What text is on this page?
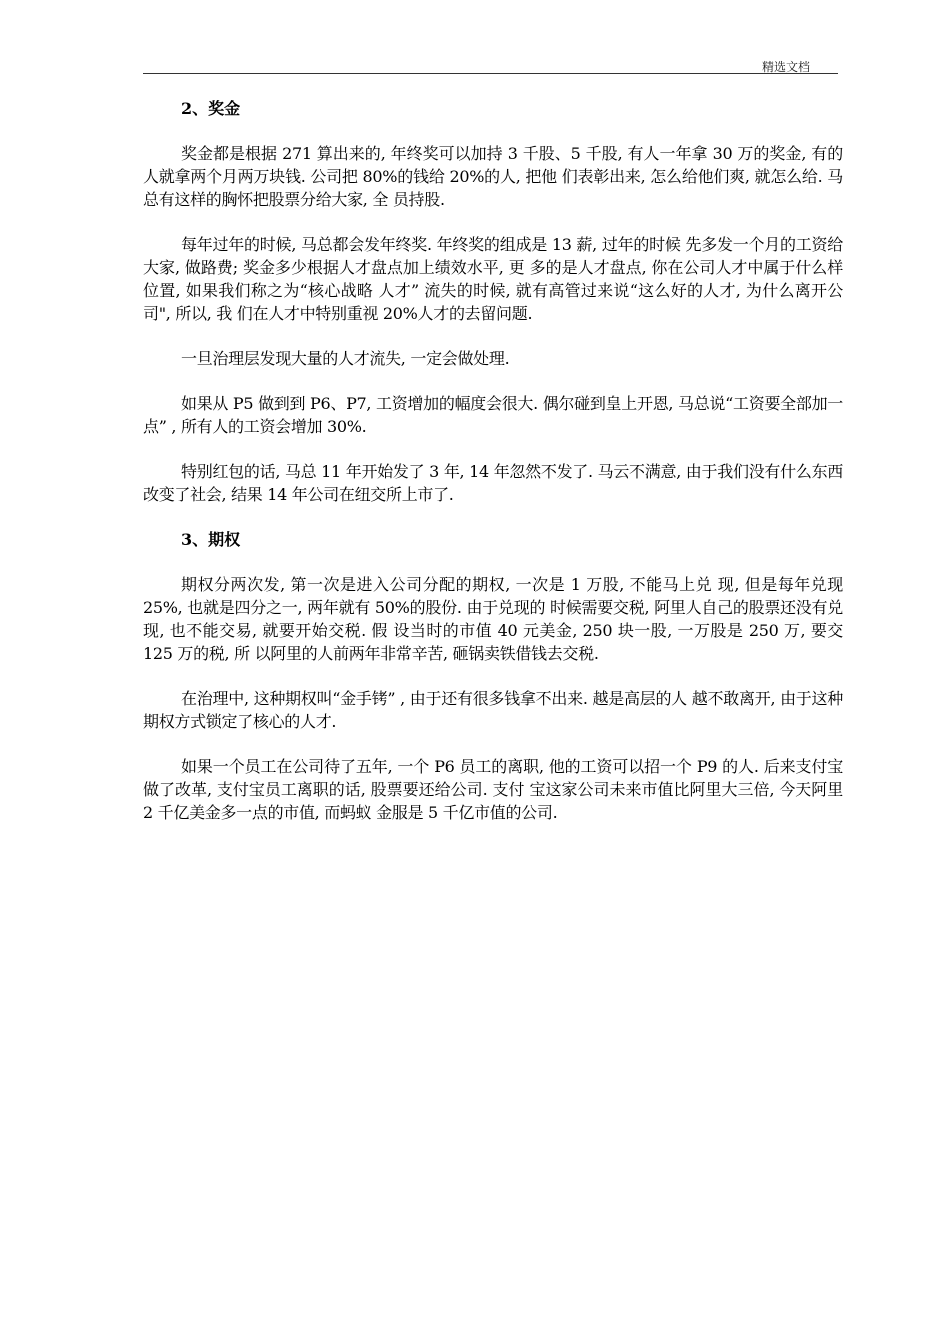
精选文档
2、奖金

奖金都是根据 271 算出来的, 年终奖可以加持 3 千股、5 千股, 有人一年拿 30 万的奖金, 有的人就拿两个月两万块钱. 公司把 80%的钱给 20%的人, 把他 们表彰出来, 怎么给他们爽, 就怎么给. 马总有这样的胸怀把股票分给大家, 全 员持股.

每年过年的时候, 马总都会发年终奖. 年终奖的组成是 13 薪, 过年的时候 先多发一个月的工资给大家, 做路费; 奖金多少根据人才盘点加上绩效水平, 更 多的是人才盘点, 你在公司人才中属于什么样位置, 如果我们称之为“核心战略 人才” 流失的时候, 就有高管过来说“这么好的人才, 为什么离开公司", 所以, 我 们在人才中特别重视 20%人才的去留问题.

一旦治理层发现大量的人才流失, 一定会做处理.

如果从 P5 做到到 P6、P7, 工资增加的幅度会很大. 偶尔碰到皇上开恩, 马总说“工资要全部加一点” , 所有人的工资会增加 30%.

特别红包的话, 马总 11 年开始发了 3 年, 14 年忽然不发了. 马云不满意, 由于我们没有什么东西改变了社会, 结果 14 年公司在纽交所上市了.

3、期权

期权分两次发, 第一次是进入公司分配的期权, 一次是 1 万股, 不能马上兑 现, 但是每年兑现 25%, 也就是四分之一, 两年就有 50%的股份. 由于兑现的 时候需要交税, 阿里人自己的股票还没有兑现, 也不能交易, 就要开始交税. 假 设当时的市值 40 元美金, 250 块一股, 一万股是 250 万, 要交 125 万的税, 所 以阿里的人前两年非常辛苦, 砸锅卖铁借钱去交税.

在治理中, 这种期权叫“金手铐” , 由于还有很多钱拿不出来. 越是高层的人 越不敢离开, 由于这种期权方式锁定了核心的人才.

如果一个员工在公司待了五年, 一个 P6 员工的离职, 他的工资可以招一个 P9 的人. 后来支付宝做了改革, 支付宝员工离职的话, 股票要还给公司. 支付 宝这家公司未来市值比阿里大三倍, 今天阿里 2 千亿美金多一点的市值, 而蚂蚁 金服是 5 千亿市值的公司.
